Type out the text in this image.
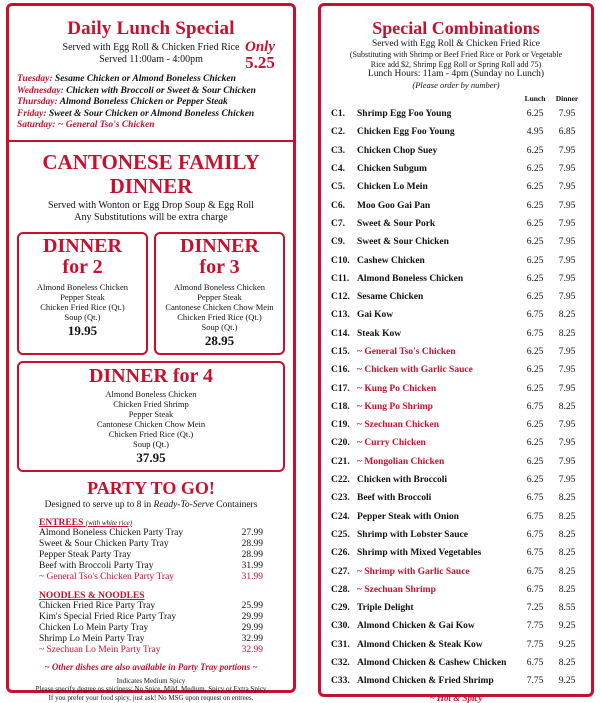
Daily Lunch Special
Only
5.25
Served with Egg Roll & Chicken Fried Rice
Served 11:00am - 4:00pm
Tuesday: Sesame Chicken or Almond Boneless Chicken
Wednesday: Chicken with Broccoli or Sweet & Sour Chicken
Thursday: Almond Boneless Chicken or Pepper Steak
Friday: Sweet & Sour Chicken or Almond Boneless Chicken
Saturday: ~ General Tso's Chicken
CANTONESE FAMILY
DINNER
Served with Wonton or Egg Drop Soup & Egg Roll
Any Substitutions will be extra charge
DINNER
for 2
Almond Boneless Chicken
Pepper Steak
Chicken Fried Rice (Qt.)
Soup (Qt.)
19.95
DINNER
for 3
Almond Boneless Chicken
Pepper Steak
Cantonese Chicken Chow Mein
Chicken Fried Rice (Qt.)
Soup (Qt.)
28.95
DINNER for 4
Almond Boneless Chicken
Chicken Fried Shrimp
Pepper Steak
Cantonese Chicken Chow Mein
Chicken Fried Rice (Qt.)
Soup (Qt.)
37.95
PARTY TO GO!
Designed to serve up to 8 in Ready-To-Serve Containers
ENTREES (with white rice)
Almond Boneless Chicken Party Tray	27.99
Sweet & Sour Chicken Party Tray	28.99
Pepper Steak Party Tray	28.99
Beef with Broccoli Party Tray	31.99
~ General Tso's Chicken Party Tray	31.99
NOODLES & NOODLES
Chicken Fried Rice Party Tray	25.99
Kim's Special Fried Rice Party Tray	29.99
Chicken Lo Mein Party Tray	29.99
Shrimp Lo Mein Party Tray	32.99
~ Szechuan Lo Mein Party Tray	32.99
~ Other dishes are also available in Party Tray portions ~
Indicates Medium Spicy
Please specify degree os spiciness: No Spice, Mild, Medium, Spicy or Extra Spicy
If you prefer your food spicy, just ask! No MSG upon request on entrees.
Special Combinations
Served with Egg Roll & Chicken Fried Rice
(Substituting with Shrimp or Beef Fried Rice or Pork or Vegetable
Rice add $2, Shrimp Egg Roll or Spring Roll add 75)
Lunch Hours: 11am - 4pm (Sunday no Lunch)
(Please order by number)
Lunch	Dinner
C1.	Shrimp Egg Foo Young	6.25	7.95
C2.	Chicken Egg Foo Young	4.95	6.85
C3.	Chicken Chop Suey	6.25	7.95
C4.	Chicken Subgum	6.25	7.95
C5.	Chicken Lo Mein	6.25	7.95
C6.	Moo Goo Gai Pan	6.25	7.95
C7.	Sweet & Sour Pork	6.25	7.95
C9.	Sweet & Sour Chicken	6.25	7.95
C10. Cashew Chicken	6.25	7.95
C11. Almond Boneless Chicken	6.25	7.95
C12. Sesame Chicken	6.25	7.95
C13. Gai Kow	6.75	8.25
C14. Steak Kow	6.75	8.25
C15. ~ General Tso's Chicken	6.25	7.95
C16. ~ Chicken with Garlic Sauce	6.25	7.95
C17. ~ Kung Po Chicken	6.25	7.95
C18. ~ Kung Po Shrimp	6.75	8.25
C19. ~ Szechuan Chicken	6.25	7.95
C20. ~ Curry Chicken	6.25	7.95
C21. ~ Mongolian Chicken	6.25	7.95
C22. Chicken with Broccoli	6.25	7.95
C23. Beef with Broccoli	6.75	8.25
C24. Pepper Steak with Onion	6.75	8.25
C25. Shrimp with Lobster Sauce	6.75	8.25
C26. Shrimp with Mixed Vegetables	6.75	8.25
C27. ~ Shrimp with Garlic Sauce	6.75	8.25
C28. ~ Szechuan Shrimp	6.75	8.25
C29. Triple Delight	7.25	8.55
C30. Almond Chicken & Gai Kow	7.75	9.25
C31. Almond Chicken & Steak Kow	7.75	9.25
C32. Almond Chicken & Cashew Chicken	6.75	8.25
C33. Almond Chicken & Fried Shrimp	7.75	9.25
~ Hot & Spicy
